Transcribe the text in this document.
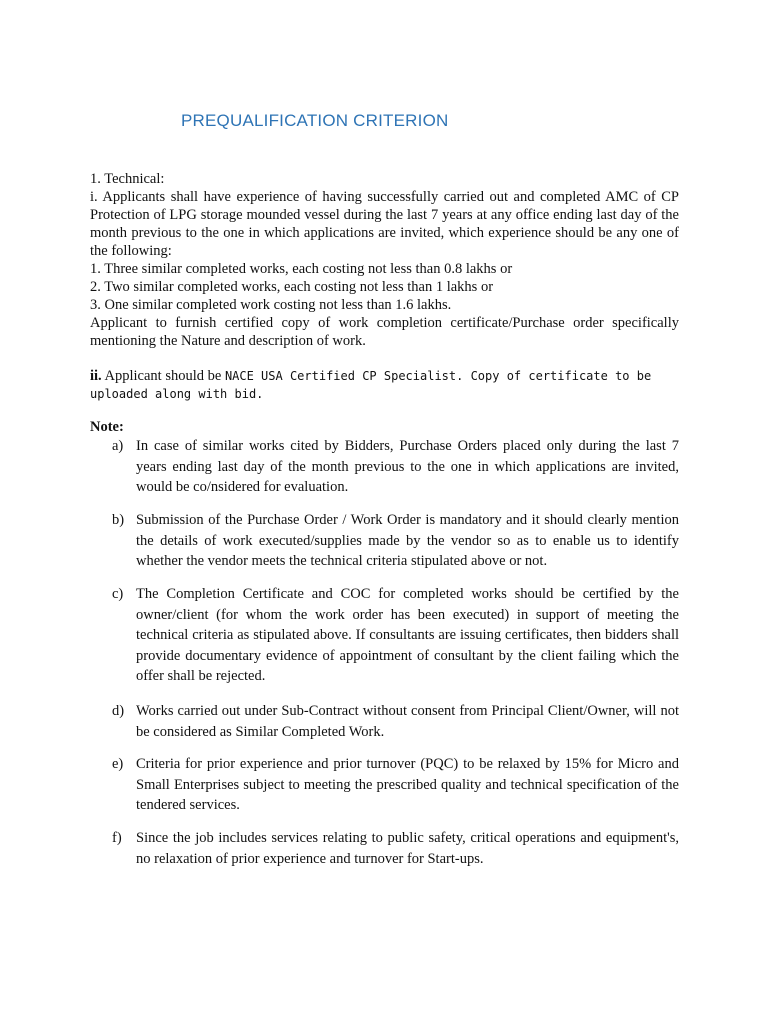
PREQUALIFICATION CRITERION

1. Technical:

i. Applicants shall have experience of having successfully carried out and completed AMC of CP Protection of LPG storage mounded vessel during the last 7 years at any office ending last day of the month previous to the one in which applications are invited, which experience should be any one of the following:

1. Three similar completed works, each costing not less than 0.8 lakhs or

2. Two similar completed works, each costing not less than 1 lakhs or

3. One similar completed work costing not less than 1.6 lakhs.

Applicant to furnish certified copy of work completion certificate/Purchase order specifically mentioning the Nature and description of work.

ii. Applicant should be NACE USA Certified CP Specialist. Copy of certificate to be uploaded along with bid.

Note:
a) In case of similar works cited by Bidders, Purchase Orders placed only during the last 7 years ending last day of the month previous to the one in which applications are invited, would be co/nsidered for evaluation.
b) Submission of the Purchase Order / Work Order is mandatory and it should clearly mention the details of work executed/supplies made by the vendor so as to enable us to identify whether the vendor meets the technical criteria stipulated above or not.
c) The Completion Certificate and COC for completed works should be certified by the owner/client (for whom the work order has been executed) in support of meeting the technical criteria as stipulated above. If consultants are issuing certificates, then bidders shall provide documentary evidence of appointment of consultant by the client failing which the offer shall be rejected.
d) Works carried out under Sub-Contract without consent from Principal Client/Owner, will not be considered as Similar Completed Work.
e) Criteria for prior experience and prior turnover (PQC) to be relaxed by 15% for Micro and Small Enterprises subject to meeting the prescribed quality and technical specification of the tendered services.
f) Since the job includes services relating to public safety, critical operations and equipment's, no relaxation of prior experience and turnover for Start-ups.
